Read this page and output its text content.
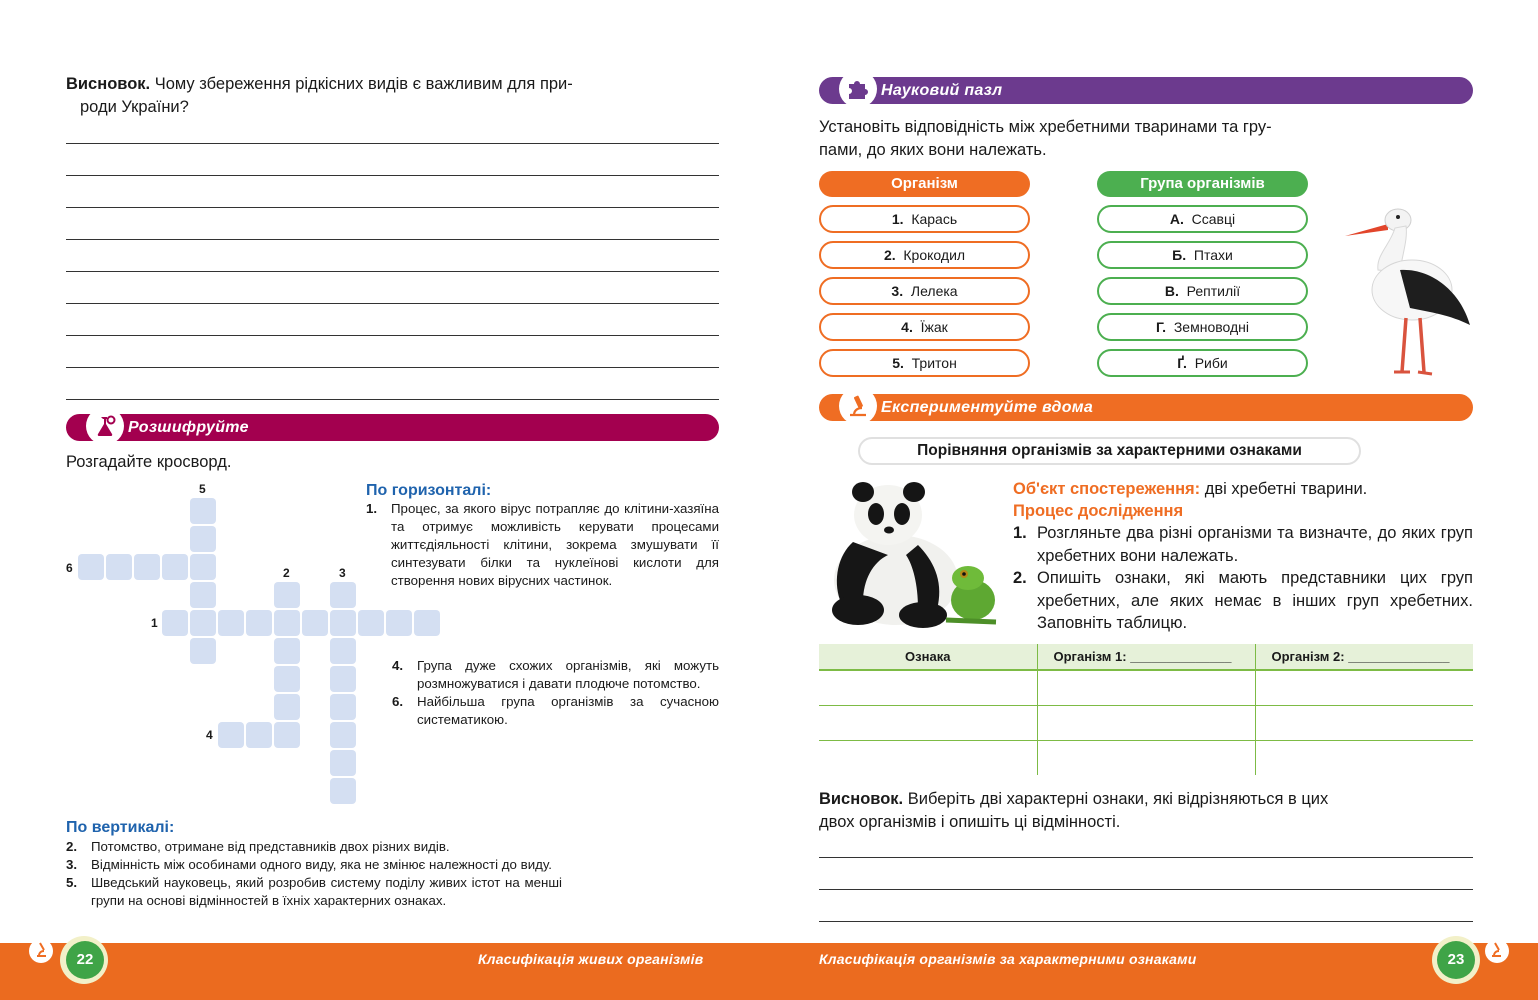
Висновок. Чому збереження рідкісних видів є важливим для при-
роди України?
Розшифруйте
Розгадайте кросворд.
1
2	3
4
5
6
По горизонталі:
1.	Процес, за якого вірус потрапляє до клітини-хазяїна та отримує можливість керувати процесами життєдіяльності клітини, зокрема змушувати її синтезувати білки та нуклеїнові кислоти для створення нових вірусних частинок.
4.	Група дуже схожих організмів, які можуть розмножуватися і давати плодюче потомство.
6.	Найбільша група організмів за сучасною систематикою.
По вертикалі:
2.	Потомство, отримане від представників двох різних видів.
3.	Відмінність між особинами одного виду, яка не змінює належності до виду.
5.	Шведський науковець, який розробив систему поділу живих істот на менші групи на основі відмінностей в їхніх характерних ознаках.
Науковий пазл
Установіть відповідність між хребетними тваринами та гру-
пами, до яких вони належать.
Організм	Група організмів
1. Карась
2. Крокодил
3. Лелека
4. Їжак
5. Тритон
А. Ссавці
Б. Птахи
В. Рептилії
Г. Земноводні
Ґ. Риби
Експериментуйте вдома
Порівняння організмів за характерними ознаками
Об'єкт спостереження: дві хребетні тварини.
Процес дослідження
1. Розгляньте два різні організми та визначте, до яких груп хребетних вони належать.
2. Опишіть ознаки, які мають представники цих груп хребетних, але яких немає в інших груп хребетних. Заповніть таблицю.
Ознака	Організм 1: ______________	Організм 2: ______________

Висновок. Виберіть дві характерні ознаки, які відрізняються в цих
двох організмів і опишіть ці відмінності.
22	23
Класифікація живих організмів	Класифікація організмів за характерними ознаками
